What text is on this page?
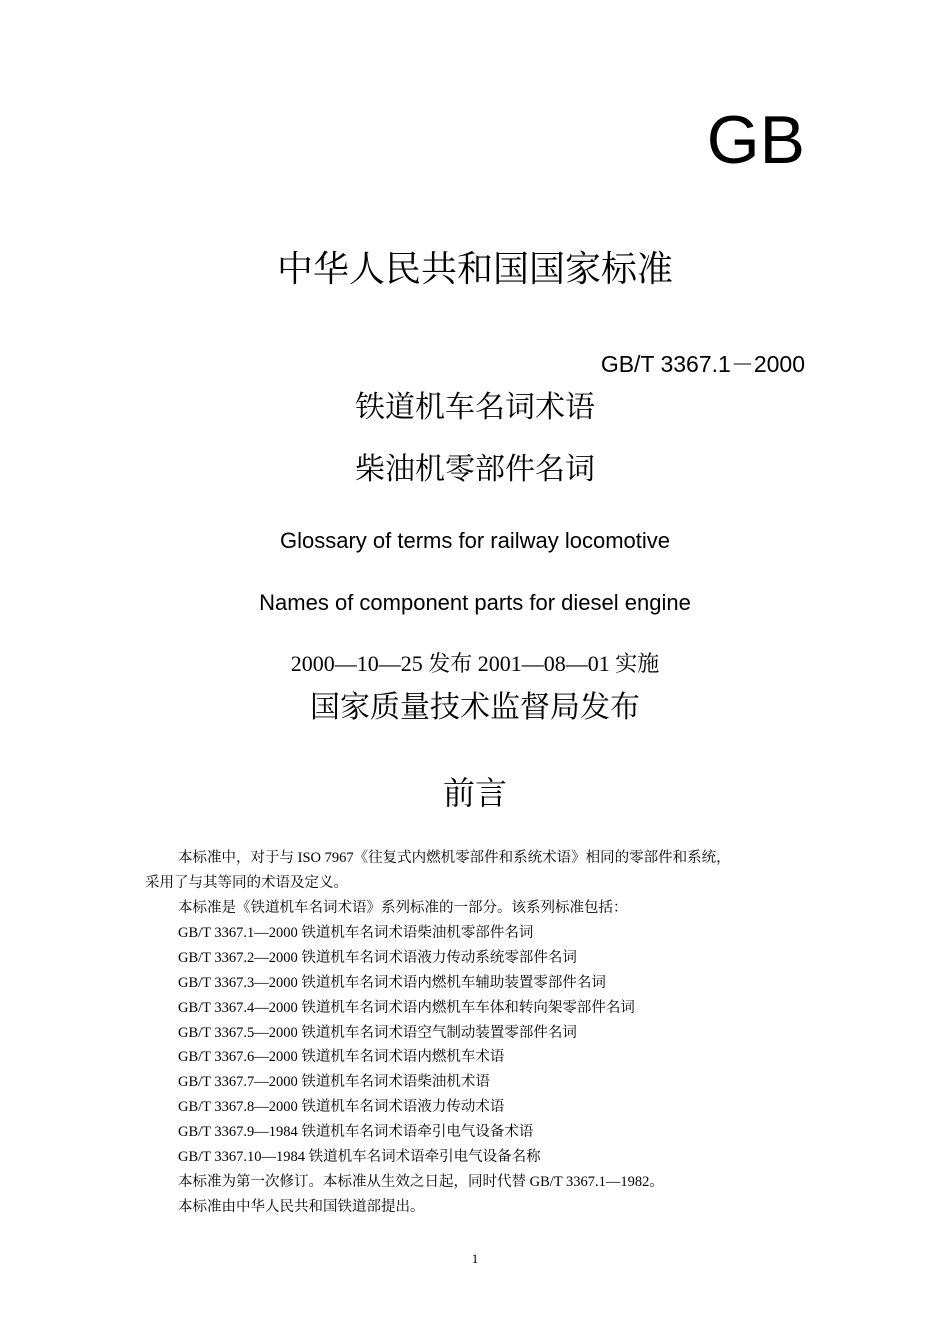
GB
中华人民共和国国家标准
GB/T 3367.1－2000
铁道机车名词术语
柴油机零部件名词
Glossary of terms for railway locomotive
Names of component parts for diesel engine
2000—10—25 发布 2001—08—01 实施
国家质量技术监督局发布
前言
本标准中，对于与 ISO 7967《往复式内燃机零部件和系统术语》相同的零部件和系统，
采用了与其等同的术语及定义。
本标准是《铁道机车名词术语》系列标准的一部分。该系列标准包括：
GB/T 3367.1—2000 铁道机车名词术语柴油机零部件名词
GB/T 3367.2—2000 铁道机车名词术语液力传动系统零部件名词
GB/T 3367.3—2000 铁道机车名词术语内燃机车辅助装置零部件名词
GB/T 3367.4—2000 铁道机车名词术语内燃机车车体和转向架零部件名词
GB/T 3367.5—2000 铁道机车名词术语空气制动装置零部件名词
GB/T 3367.6—2000 铁道机车名词术语内燃机车术语
GB/T 3367.7—2000 铁道机车名词术语柴油机术语
GB/T 3367.8—2000 铁道机车名词术语液力传动术语
GB/T 3367.9—1984 铁道机车名词术语牵引电气设备术语
GB/T 3367.10—1984 铁道机车名词术语牵引电气设备名称
本标准为第一次修订。本标准从生效之日起，同时代替 GB/T 3367.1—1982。
本标准由中华人民共和国铁道部提出。
1
